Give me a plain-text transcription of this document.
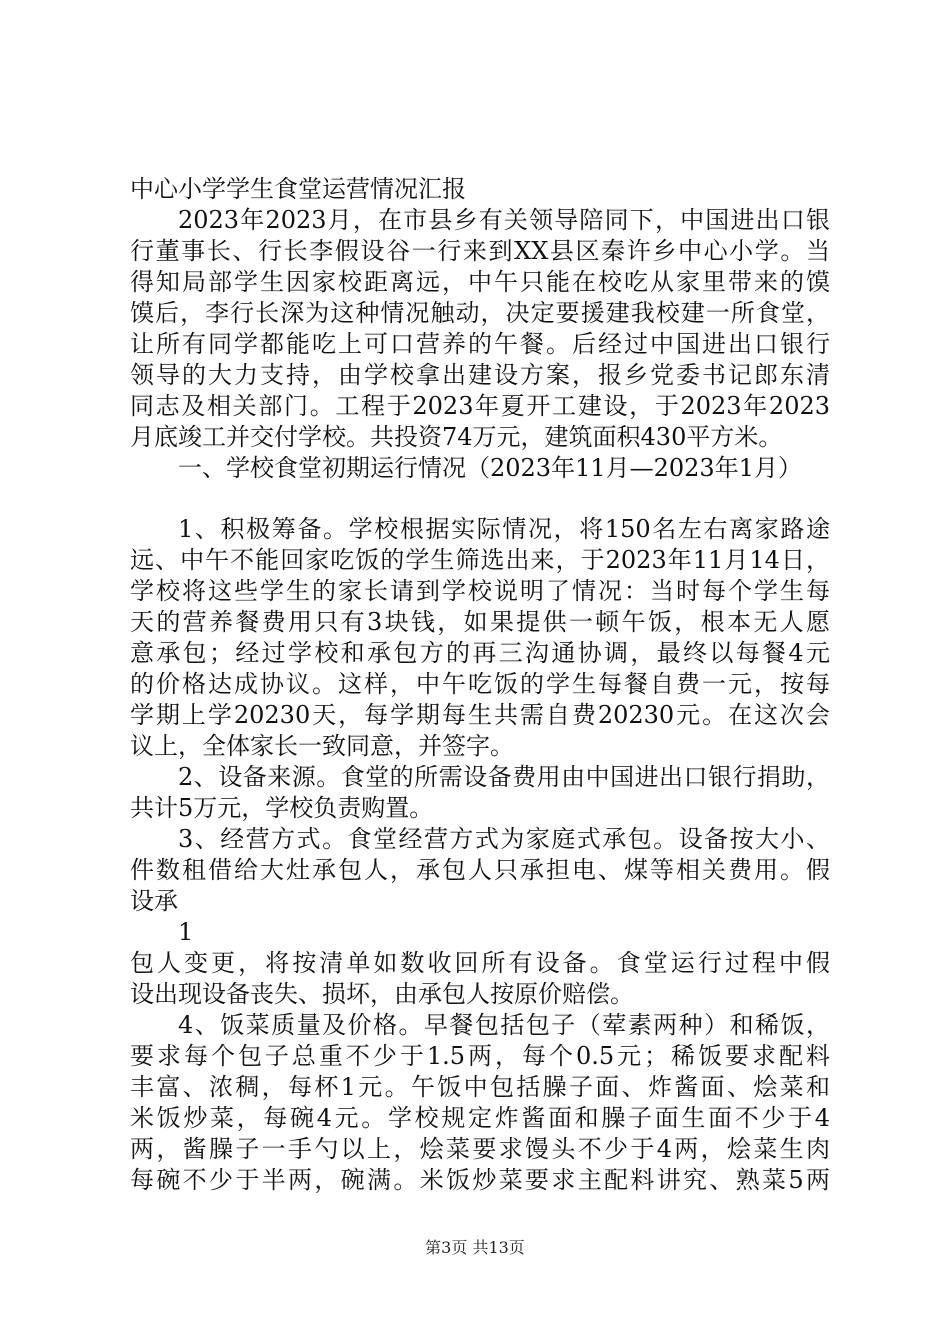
中心小学学生食堂运营情况汇报
2023年2023月，在市县乡有关领导陪同下，中国进出口银
行董事长、行长李假设谷一行来到XX县区秦许乡中心小学。当
得知局部学生因家校距离远，中午只能在校吃从家里带来的馍
馍后，李行长深为这种情况触动，决定要援建我校建一所食堂，
让所有同学都能吃上可口营养的午餐。后经过中国进出口银行
领导的大力支持，由学校拿出建设方案，报乡党委书记郎东清
同志及相关部门。工程于2023年夏开工建设，于2023年2023
月底竣工并交付学校。共投资74万元，建筑面积430平方米。
一、学校食堂初期运行情况（2023年11月—2023年1月）
1、积极筹备。学校根据实际情况，将150名左右离家路途
远、中午不能回家吃饭的学生筛选出来，于2023年11月14日，
学校将这些学生的家长请到学校说明了情况：当时每个学生每
天的营养餐费用只有3块钱，如果提供一顿午饭，根本无人愿
意承包；经过学校和承包方的再三沟通协调，最终以每餐4元
的价格达成协议。这样，中午吃饭的学生每餐自费一元，按每
学期上学20230天，每学期每生共需自费20230元。在这次会
议上，全体家长一致同意，并签字。
2、设备来源。食堂的所需设备费用由中国进出口银行捐助，
共计5万元，学校负责购置。
3、经营方式。食堂经营方式为家庭式承包。设备按大小、
件数租借给大灶承包人，承包人只承担电、煤等相关费用。假
设承
1
包人变更，将按清单如数收回所有设备。食堂运行过程中假
设出现设备丧失、损坏，由承包人按原价赔偿。
4、饭菜质量及价格。早餐包括包子（荤素两种）和稀饭，
要求每个包子总重不少于1.5两，每个0.5元；稀饭要求配料
丰富、浓稠，每杯1元。午饭中包括臊子面、炸酱面、烩菜和
米饭炒菜，每碗4元。学校规定炸酱面和臊子面生面不少于4
两，酱臊子一手勺以上，烩菜要求馒头不少于4两，烩菜生肉
每碗不少于半两，碗满。米饭炒菜要求主配料讲究、熟菜5两
第3页 共13页
